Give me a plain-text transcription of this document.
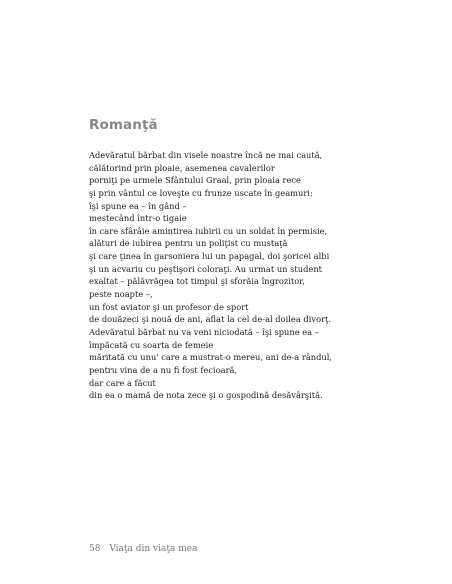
Romanţă
Adevăratul bărbat din visele noastre încă ne mai caută,
călătorind prin ploaie, asemenea cavalerilor
porniţi pe urmele Sfântului Graal, prin ploaia rece
şi prin vântul ce loveşte cu frunze uscate în geamuri:
îşi spune ea – în gând –
mestecând într-o tigaie
în care sfârâie amintirea iubirii cu un soldat în permisie,
alături de iubirea pentru un poliţist cu mustaţă
şi care ţinea în garsoniera lui un papagal, doi şoricei albi
şi un acvariu cu peştişori coloraţi. Au urmat un student
exaltat – pălăvrăgea tot timpul şi sforăia îngrozitor,
peste noapte –,
un fost aviator şi un profesor de sport
de douăzeci şi nouă de ani, aflat la cel de-al doilea divorţ.
Adevăratul bărbat nu va veni niciodată – îşi spune ea –
împăcată cu soarta de femeie
măritată cu unu' care a mustrat-o mereu, ani de-a rândul,
pentru vina de a nu fi fost fecioară,
dar care a făcut
din ea o mamă de nota zece şi o gospodină desăvârşită.
58 Viaţa din viaţa mea
